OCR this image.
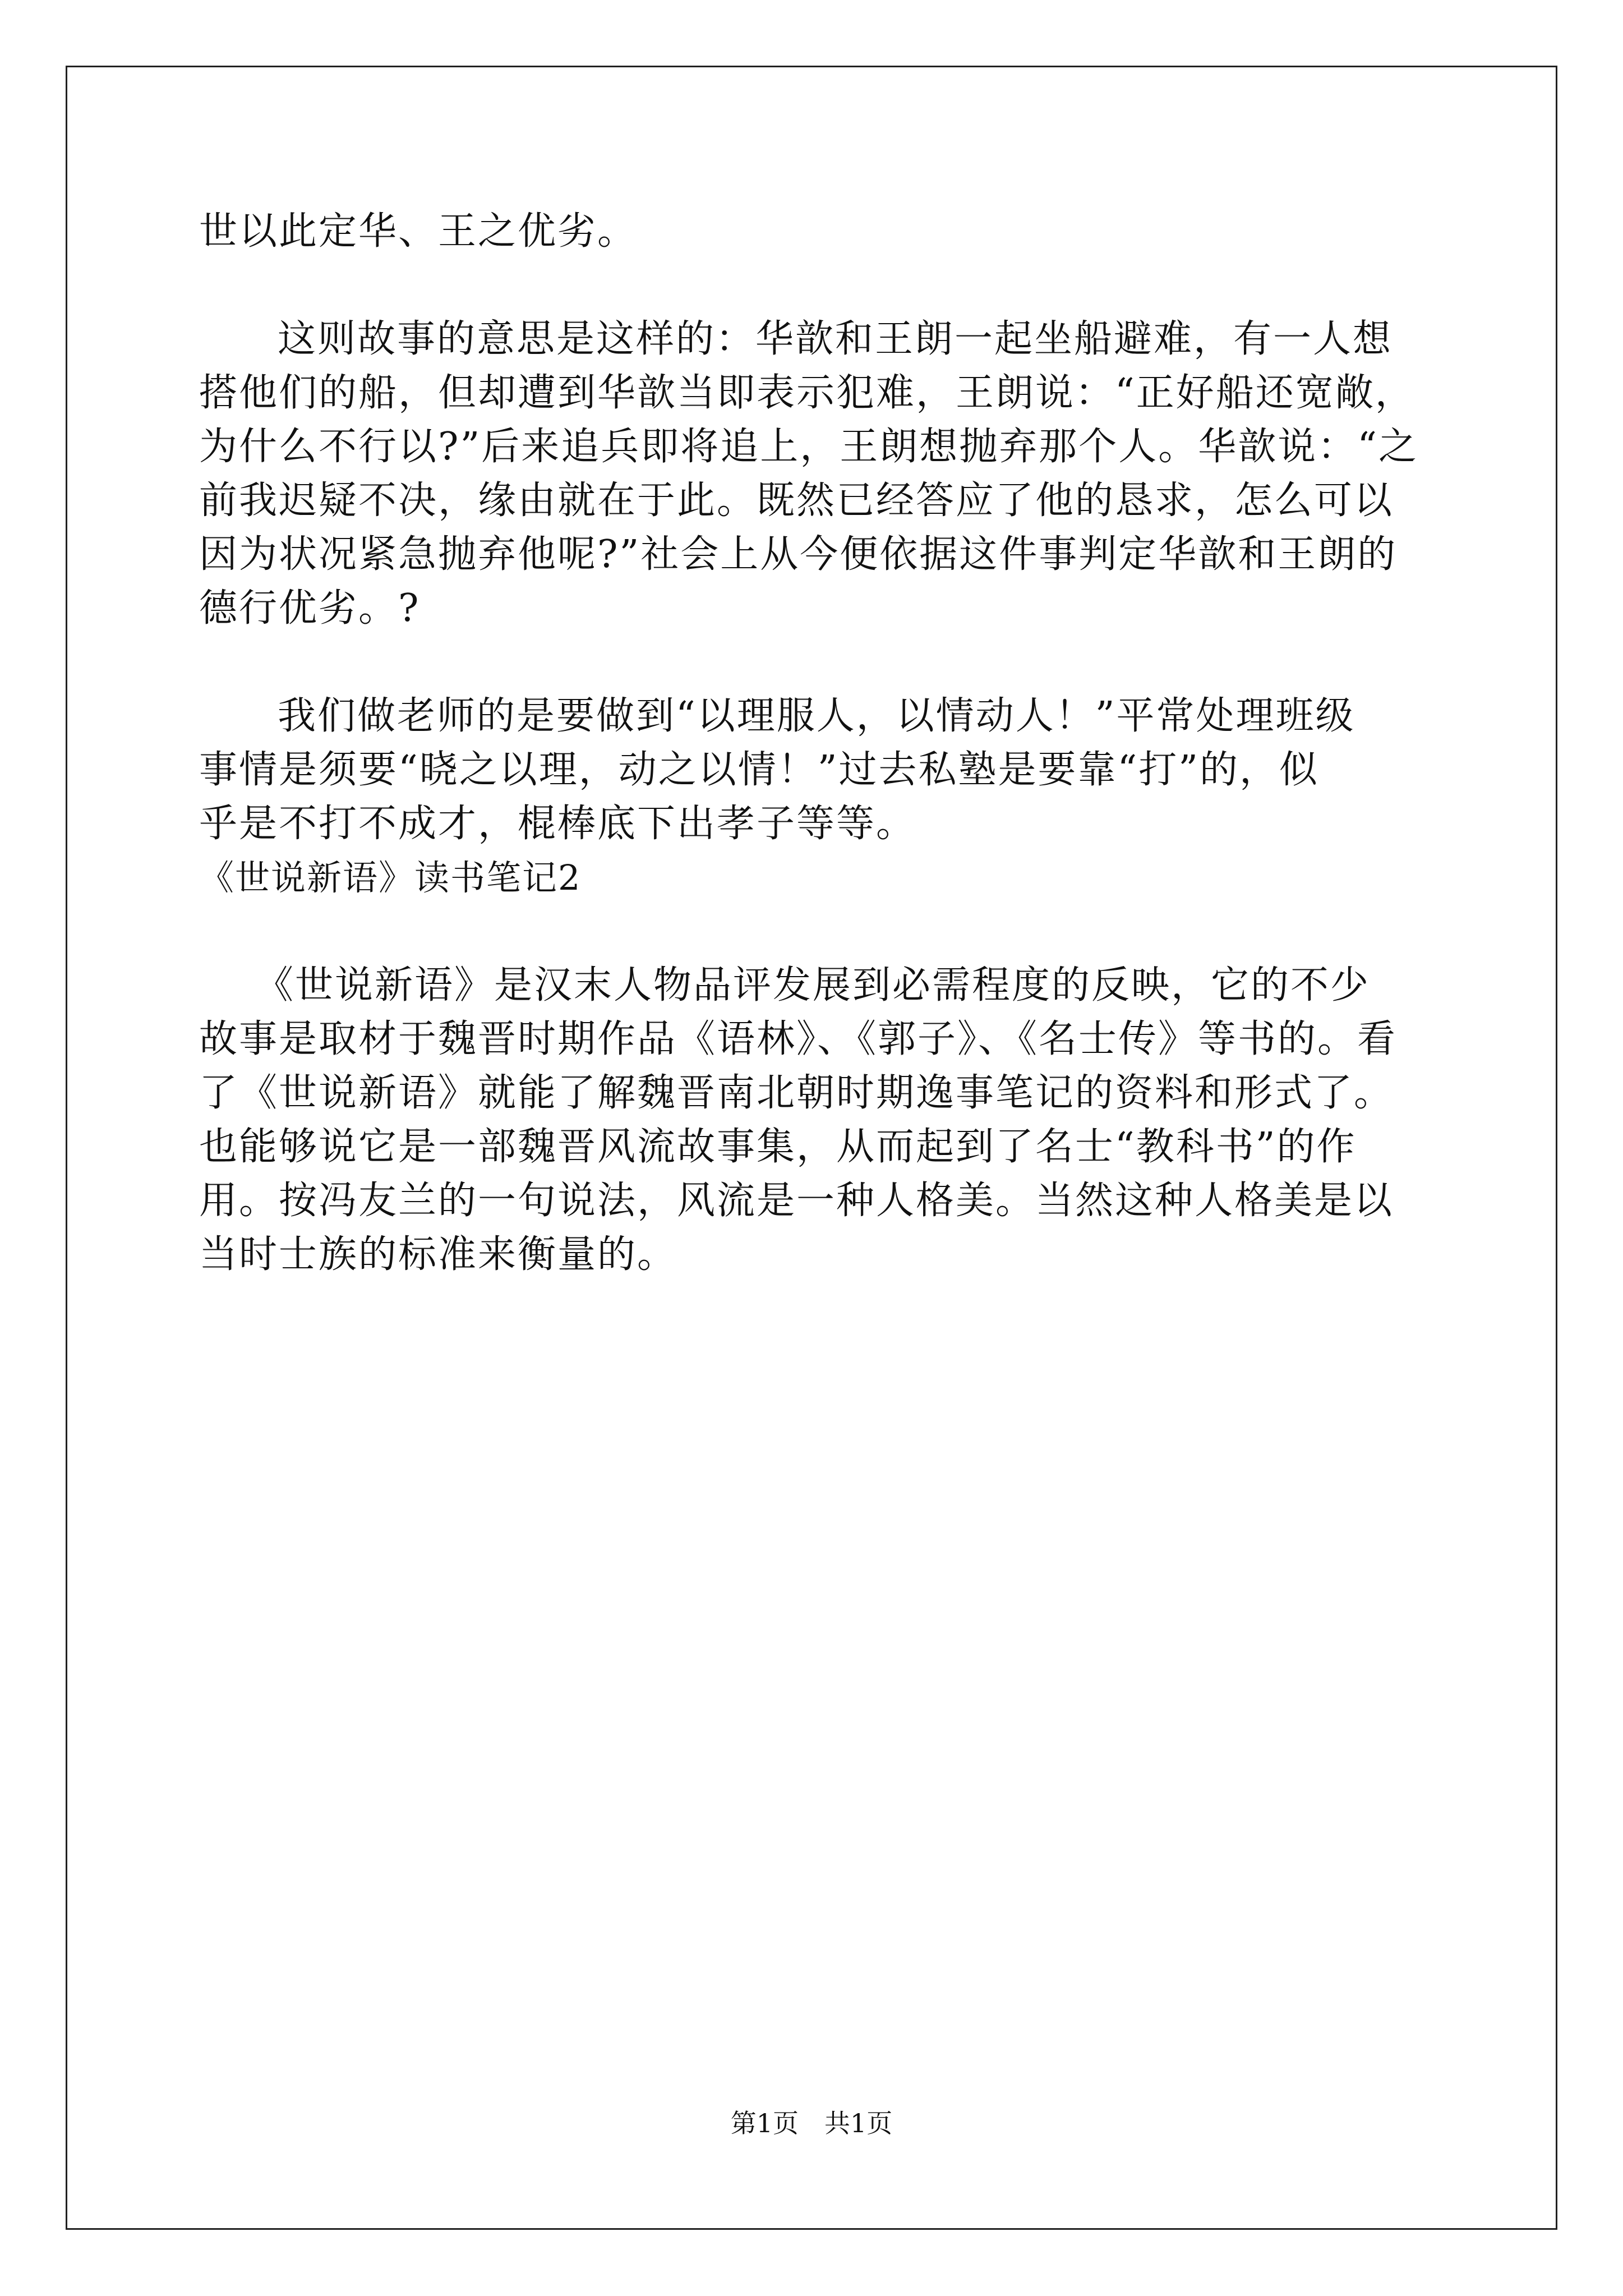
世以此定华、王之优劣。
这则故事的意思是这样的：华歆和王朗一起坐船避难，有一人想
搭他们的船，但却遭到华歆当即表示犯难，王朗说：“正好船还宽敞，
为什么不行以?”后来追兵即将追上，王朗想抛弃那个人。华歆说：“之
前我迟疑不决，缘由就在于此。既然已经答应了他的恳求，怎么可以
因为状况紧急抛弃他呢?”社会上从今便依据这件事判定华歆和王朗的
德行优劣。?
我们做老师的是要做到“以理服人，以情动人！”平常处理班级
事情是须要“晓之以理，动之以情！”过去私塾是要靠“打”的，似
乎是不打不成才，棍棒底下出孝子等等。
《世说新语》读书笔记2
《世说新语》是汉末人物品评发展到必需程度的反映，它的不少
故事是取材于魏晋时期作品《语林》、《郭子》、《名士传》等书的。看
了《世说新语》就能了解魏晋南北朝时期逸事笔记的资料和形式了。
也能够说它是一部魏晋风流故事集，从而起到了名士“教科书”的作
用。按冯友兰的一句说法，风流是一种人格美。当然这种人格美是以
当时士族的标准来衡量的。
第1页　共1页
